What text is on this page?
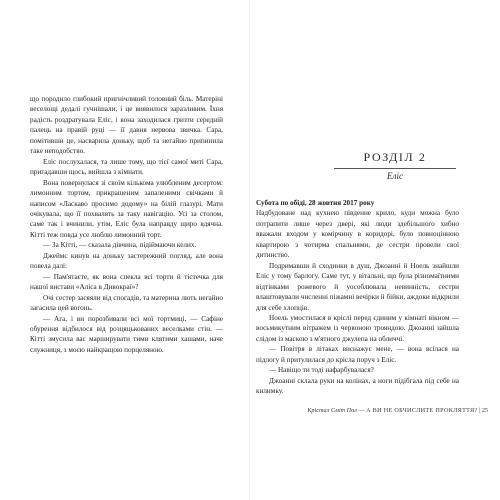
що породило глибокий пригнічливий головний біль. Матеріні веселощі дедалі гучнішали, і це виявилося заразливим. Їхня радість роздратувала Еліс, і вона заходилася гризти середній палець на правій руці — її давня нервова звичка. Сара, помітивши це, насварила доньку, щоб та негайно припинила таке неподобство.

Еліс послухалася, та лише тому, що тієї самої миті Сара, пригадавши щось, вийшла з кімнати.

Вона повернулася зі своїм кількома улюбленим десертом: лимонним тортом, прикрашеним запаленими свічками й написом «Ласкаво просимо додому» на білій глазурі. Мати очікувала, що її похвалять за таку навігацію. Усі за столом, саме так і вчинили, утім, Еліс була направду щиро вдячна. Кітті теж повда усе люблю лимонний торт.

— За Кітті, — сказала дівчина, підіймаючи келих.

Джеймс кинув на доньку застережний погляд, але вона повела далі:

— Пам'ятаєте, як вона спекла всі торти й тістечка для нашої вистави «Аліса в Дивокраї»?

Очі сестер засяяли від спогадів, та материна лють негайно загасила цей вогонь.

— Ага, і ви порозбивали всі мої тортмиці, — Сафіне обурення відбилося від розцяцькованих веселками стін. — Кітті змусила вас марширувати тими клятими хашами, наче служниця, з моєю найкращою порцеляною.

РОЗДІЛ 2
Еліс

Субота по обіді, 28 жовтня 2017 року

Надбудоване над кухнею південне крило, куди можна було потрапити лише через двері, які люди здебільшого хибно вважали входом у комірчину в коридорі, було повноцінною квартирою з чотирма спальнями, де сестри провели свої дитинство.

Подримавши й сходинки в душ, Джоанні й Ноель знайшли Еліс у тому барлогу. Саме тут, у вітальні, що була різномаїтними відтінками рожевого й уособлювала невинність, сестри влаштовували численні піжамні вечірки й бійки, аждоки відкрили для себе хлопців.

Ноель умостилася в кріслі перед єдиним у кімнаті вікном — восьмикутним вітражем із червоною трояндою. Джоанні зайшла слідом із маскою з м'ятного джулепа на обличчі.

— Повітря в літаках виснажує мене, — вона всілася на підлогу й притулилася до крісла поруч з Еліс.

— Навіщо ти тоді нафарбувалася?

Джоанні склала руки на колінах, а ноги підібгала під себе на килимку.

Крістал Сміт Пол — А ВИ НЕ ОБЧИСЛИТЕ ПРОКЛЯТТЯ? | 25
